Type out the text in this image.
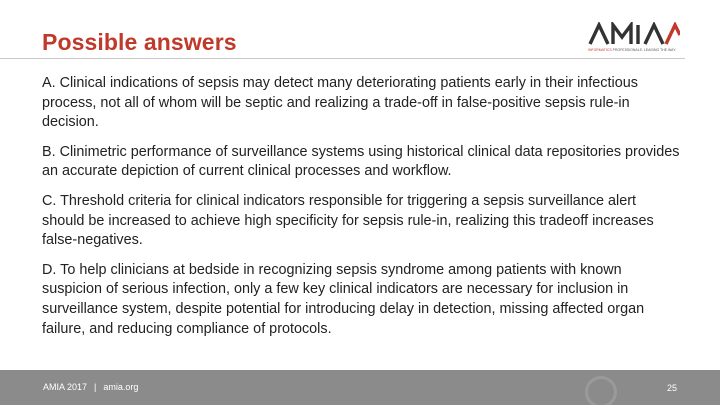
Possible answers	INFORMATICS PROFESSIONALS. LEADING THE WAY.

A. Clinical indications of sepsis may detect many deteriorating patients early in their infectious process, not all of whom will be septic and realizing a trade-off in false-positive sepsis rule-in decision.

B. Clinimetric performance of surveillance systems using historical clinical data repositories provides an accurate depiction of current clinical processes and workflow.

C. Threshold criteria for clinical indicators responsible for triggering a sepsis surveillance alert should be increased to achieve high specificity for sepsis rule-in, realizing this tradeoff increases false-negatives.

D. To help clinicians at bedside in recognizing sepsis syndrome among patients with known suspicion of serious infection, only a few key clinical indicators are necessary for inclusion in surveillance system, despite potential for introducing delay in detection, missing affected organ failure, and reducing compliance of protocols.

AMIA 2017 | amia.org	25
